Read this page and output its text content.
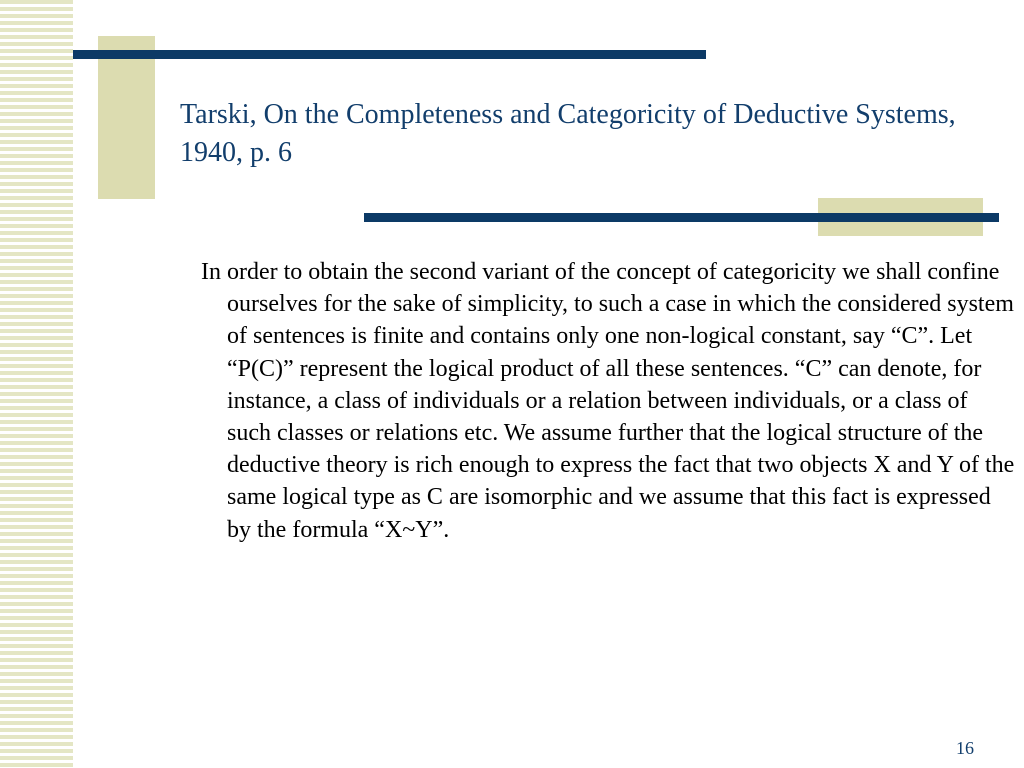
Tarski, On the Completeness and Categoricity of Deductive Systems, 1940, p. 6

In order to obtain the second variant of the concept of categoricity we shall confine ourselves for the sake of simplicity, to such a case in which the considered system of sentences is finite and contains only one non-logical constant, say “C”. Let “P(C)” represent the logical product of all these sentences. “C” can denote, for instance, a class of individuals or a relation between individuals, or a class of such classes or relations etc. We assume further that the logical structure of the deductive theory is rich enough to express the fact that two objects X and Y of the same logical type as C are isomorphic and we assume that this fact is expressed by the formula “X~Y”.

16
